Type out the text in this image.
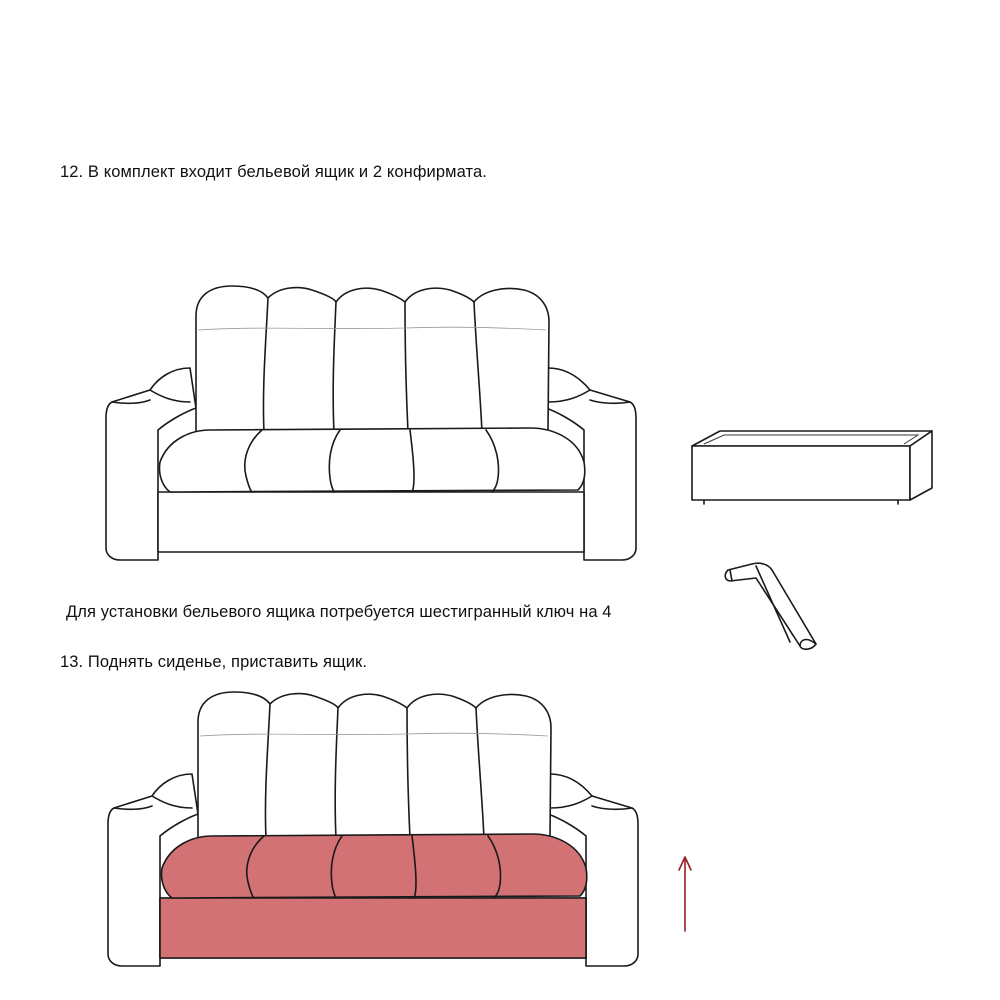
12. В комплект входит бельевой ящик и 2 конфирмата.
Для установки бельевого ящика потребуется шестигранный ключ на 4
13. Поднять сиденье, приставить ящик.
